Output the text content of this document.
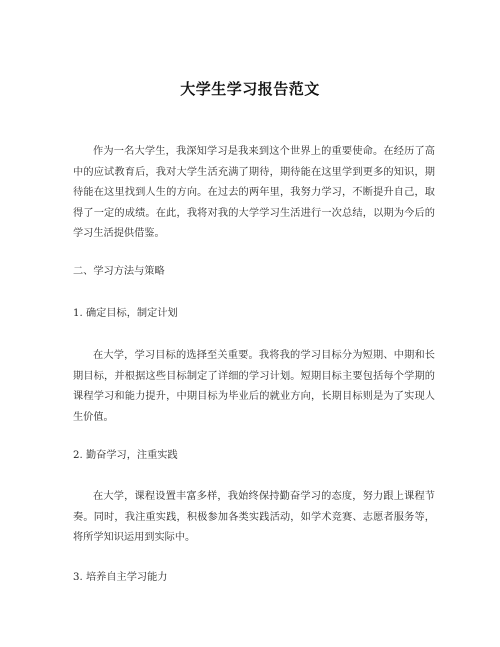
大学生学习报告范文

作为一名大学生，我深知学习是我来到这个世界上的重要使命。在经历了高中的应试教育后，我对大学生活充满了期待，期待能在这里学到更多的知识，期待能在这里找到人生的方向。在过去的两年里，我努力学习，不断提升自己，取得了一定的成绩。在此，我将对我的大学学习生活进行一次总结，以期为今后的学习生活提供借鉴。

二、学习方法与策略
1. 确定目标，制定计划

在大学，学习目标的选择至关重要。我将我的学习目标分为短期、中期和长期目标，并根据这些目标制定了详细的学习计划。短期目标主要包括每个学期的课程学习和能力提升，中期目标为毕业后的就业方向，长期目标则是为了实现人生价值。

2. 勤奋学习，注重实践

在大学，课程设置丰富多样，我始终保持勤奋学习的态度，努力跟上课程节奏。同时，我注重实践，积极参加各类实践活动，如学术竞赛、志愿者服务等，将所学知识运用到实际中。

3. 培养自主学习能力
